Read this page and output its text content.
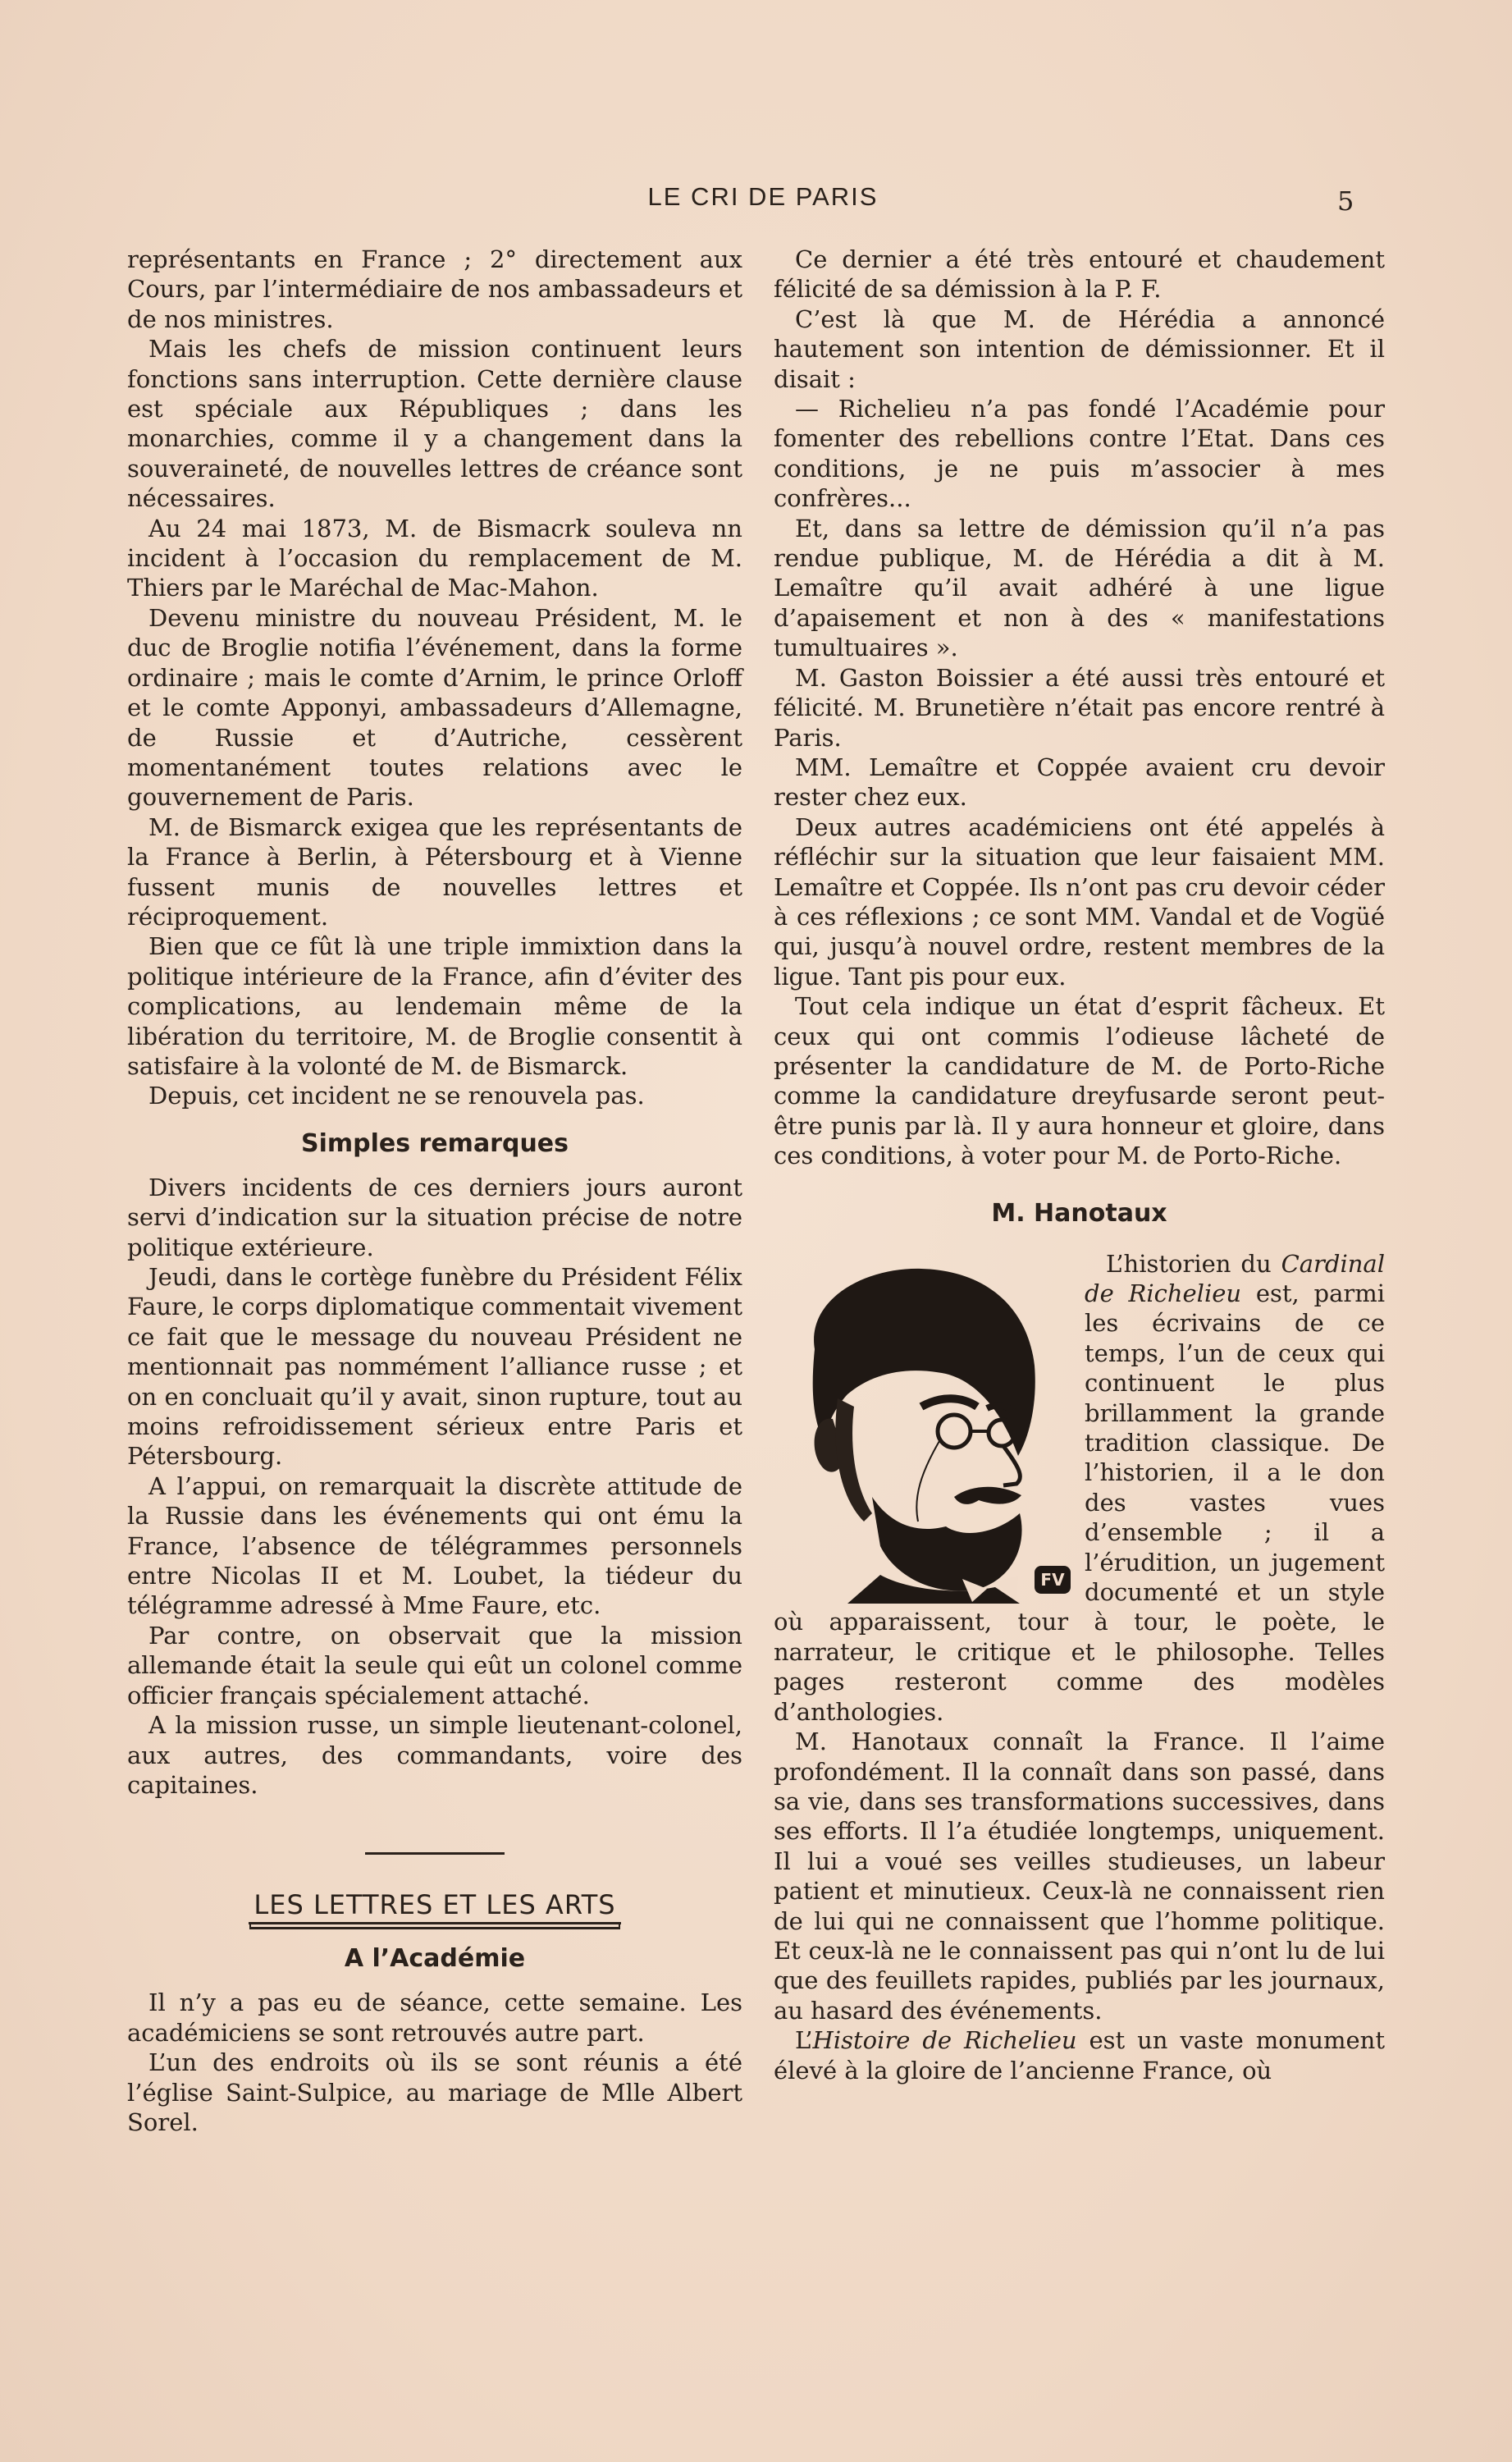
LE CRI DE PARIS	5

représentants en France ; 2° directement aux Cours, par l’intermédiaire de nos ambassadeurs et de nos ministres.

Mais les chefs de mission continuent leurs fonctions sans interruption. Cette dernière clause est spéciale aux Républiques ; dans les monarchies, comme il y a changement dans la souveraineté, de nouvelles lettres de créance sont nécessaires.

Au 24 mai 1873, M. de Bismacrk souleva nn incident à l’occasion du remplacement de M. Thiers par le Maréchal de Mac-Mahon.

Devenu ministre du nouveau Président, M. le duc de Broglie notifia l’événement, dans la forme ordinaire ; mais le comte d’Arnim, le prince Orloff et le comte Apponyi, ambassadeurs d’Allemagne, de Russie et d’Autriche, cessèrent momentanément toutes relations avec le gouvernement de Paris.

M. de Bismarck exigea que les représentants de la France à Berlin, à Pétersbourg et à Vienne fussent munis de nouvelles lettres et réciproquement.

Bien que ce fût là une triple immixtion dans la politique intérieure de la France, afin d’éviter des complications, au lendemain même de la libération du territoire, M. de Broglie consentit à satisfaire à la volonté de M. de Bismarck.

Depuis, cet incident ne se renouvela pas.

Simples remarques

Divers incidents de ces derniers jours auront servi d’indication sur la situation précise de notre politique extérieure.

Jeudi, dans le cortège funèbre du Président Félix Faure, le corps diplomatique commentait vivement ce fait que le message du nouveau Président ne mentionnait pas nommément l’alliance russe ; et on en concluait qu’il y avait, sinon rupture, tout au moins refroidissement sérieux entre Paris et Pétersbourg.

A l’appui, on remarquait la discrète attitude de la Russie dans les événements qui ont ému la France, l’absence de télégrammes personnels entre Nicolas II et M. Loubet, la tiédeur du télégramme adressé à Mme Faure, etc.

Par contre, on observait que la mission allemande était la seule qui eût un colonel comme officier français spécialement attaché.

A la mission russe, un simple lieutenant-colonel, aux autres, des commandants, voire des capitaines.

LES LETTRES ET LES ARTS
A l’Académie

Il n’y a pas eu de séance, cette semaine. Les académiciens se sont retrouvés autre part.

L’un des endroits où ils se sont réunis a été l’église Saint-Sulpice, au mariage de Mlle Albert Sorel.

Ce dernier a été très entouré et chaudement félicité de sa démission à la P. F.

C’est là que M. de Hérédia a annoncé hautement son intention de démissionner. Et il disait :

— Richelieu n’a pas fondé l’Académie pour fomenter des rebellions contre l’Etat. Dans ces conditions, je ne puis m’associer à mes confrères...

Et, dans sa lettre de démission qu’il n’a pas rendue publique, M. de Hérédia a dit à M. Lemaître qu’il avait adhéré à une ligue d’apaisement et non à des « manifestations tumultuaires ».

M. Gaston Boissier a été aussi très entouré et félicité. M. Brunetière n’était pas encore rentré à Paris.

MM. Lemaître et Coppée avaient cru devoir rester chez eux.

Deux autres académiciens ont été appelés à réfléchir sur la situation que leur faisaient MM. Lemaître et Coppée. Ils n’ont pas cru devoir céder à ces réflexions ; ce sont MM. Vandal et de Vogüé qui, jusqu’à nouvel ordre, restent membres de la ligue. Tant pis pour eux.

Tout cela indique un état d’esprit fâcheux. Et ceux qui ont commis l’odieuse lâcheté de présenter la candidature de M. de Porto-Riche comme la candidature dreyfusarde seront peut-être punis par là. Il y aura honneur et gloire, dans ces conditions, à voter pour M. de Porto-Riche.

M. Hanotaux

L’historien du Cardinal de Richelieu est, parmi les écrivains de ce temps, l’un de ceux qui continuent le plus brillamment la grande tradition classique. De l’historien, il a le don des vastes vues d’ensemble ; il a l’érudition, un jugement documenté et un style où apparaissent, tour à tour, le poète, le narrateur, le critique et le philosophe. Telles pages resteront comme des modèles d’anthologies.

M. Hanotaux connaît la France. Il l’aime profondément. Il la connaît dans son passé, dans sa vie, dans ses transformations successives, dans ses efforts. Il l’a étudiée longtemps, uniquement. Il lui a voué ses veilles studieuses, un labeur patient et minutieux. Ceux-là ne connaissent rien de lui qui ne connaissent que l’homme politique. Et ceux-là ne le connaissent pas qui n’ont lu de lui que des feuillets rapides, publiés par les journaux, au hasard des événements.

L’Histoire de Richelieu est un vaste monument élevé à la gloire de l’ancienne France, où

FV
